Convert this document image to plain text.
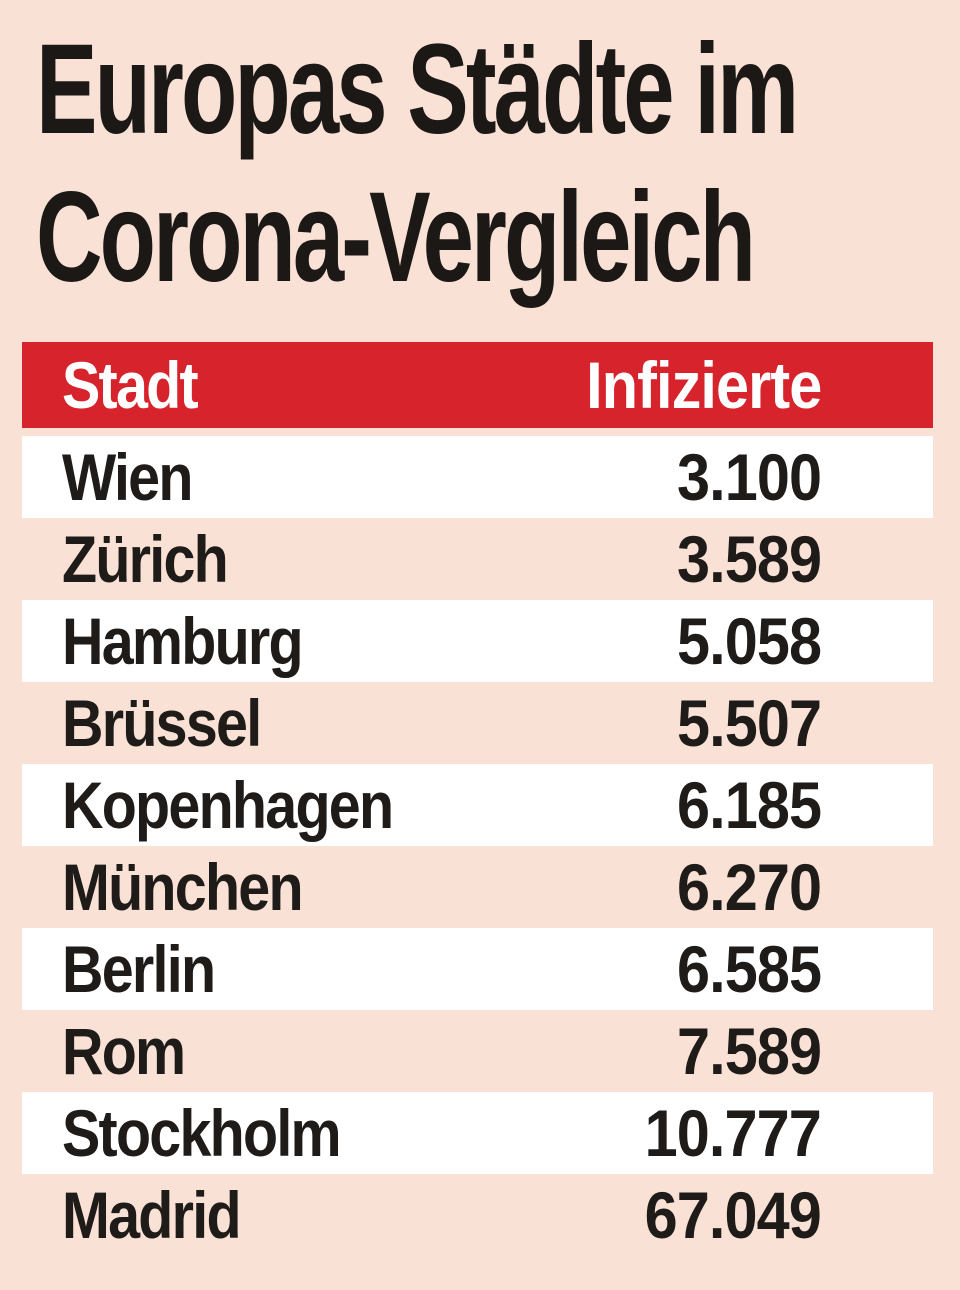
Europas Städte im
Corona-Vergleich
Stadt	Infizierte
Wien	3.100
Zürich	3.589
Hamburg	5.058
Brüssel	5.507
Kopenhagen	6.185
München	6.270
Berlin	6.585
Rom	7.589
Stockholm	10.777
Madrid	67.049
